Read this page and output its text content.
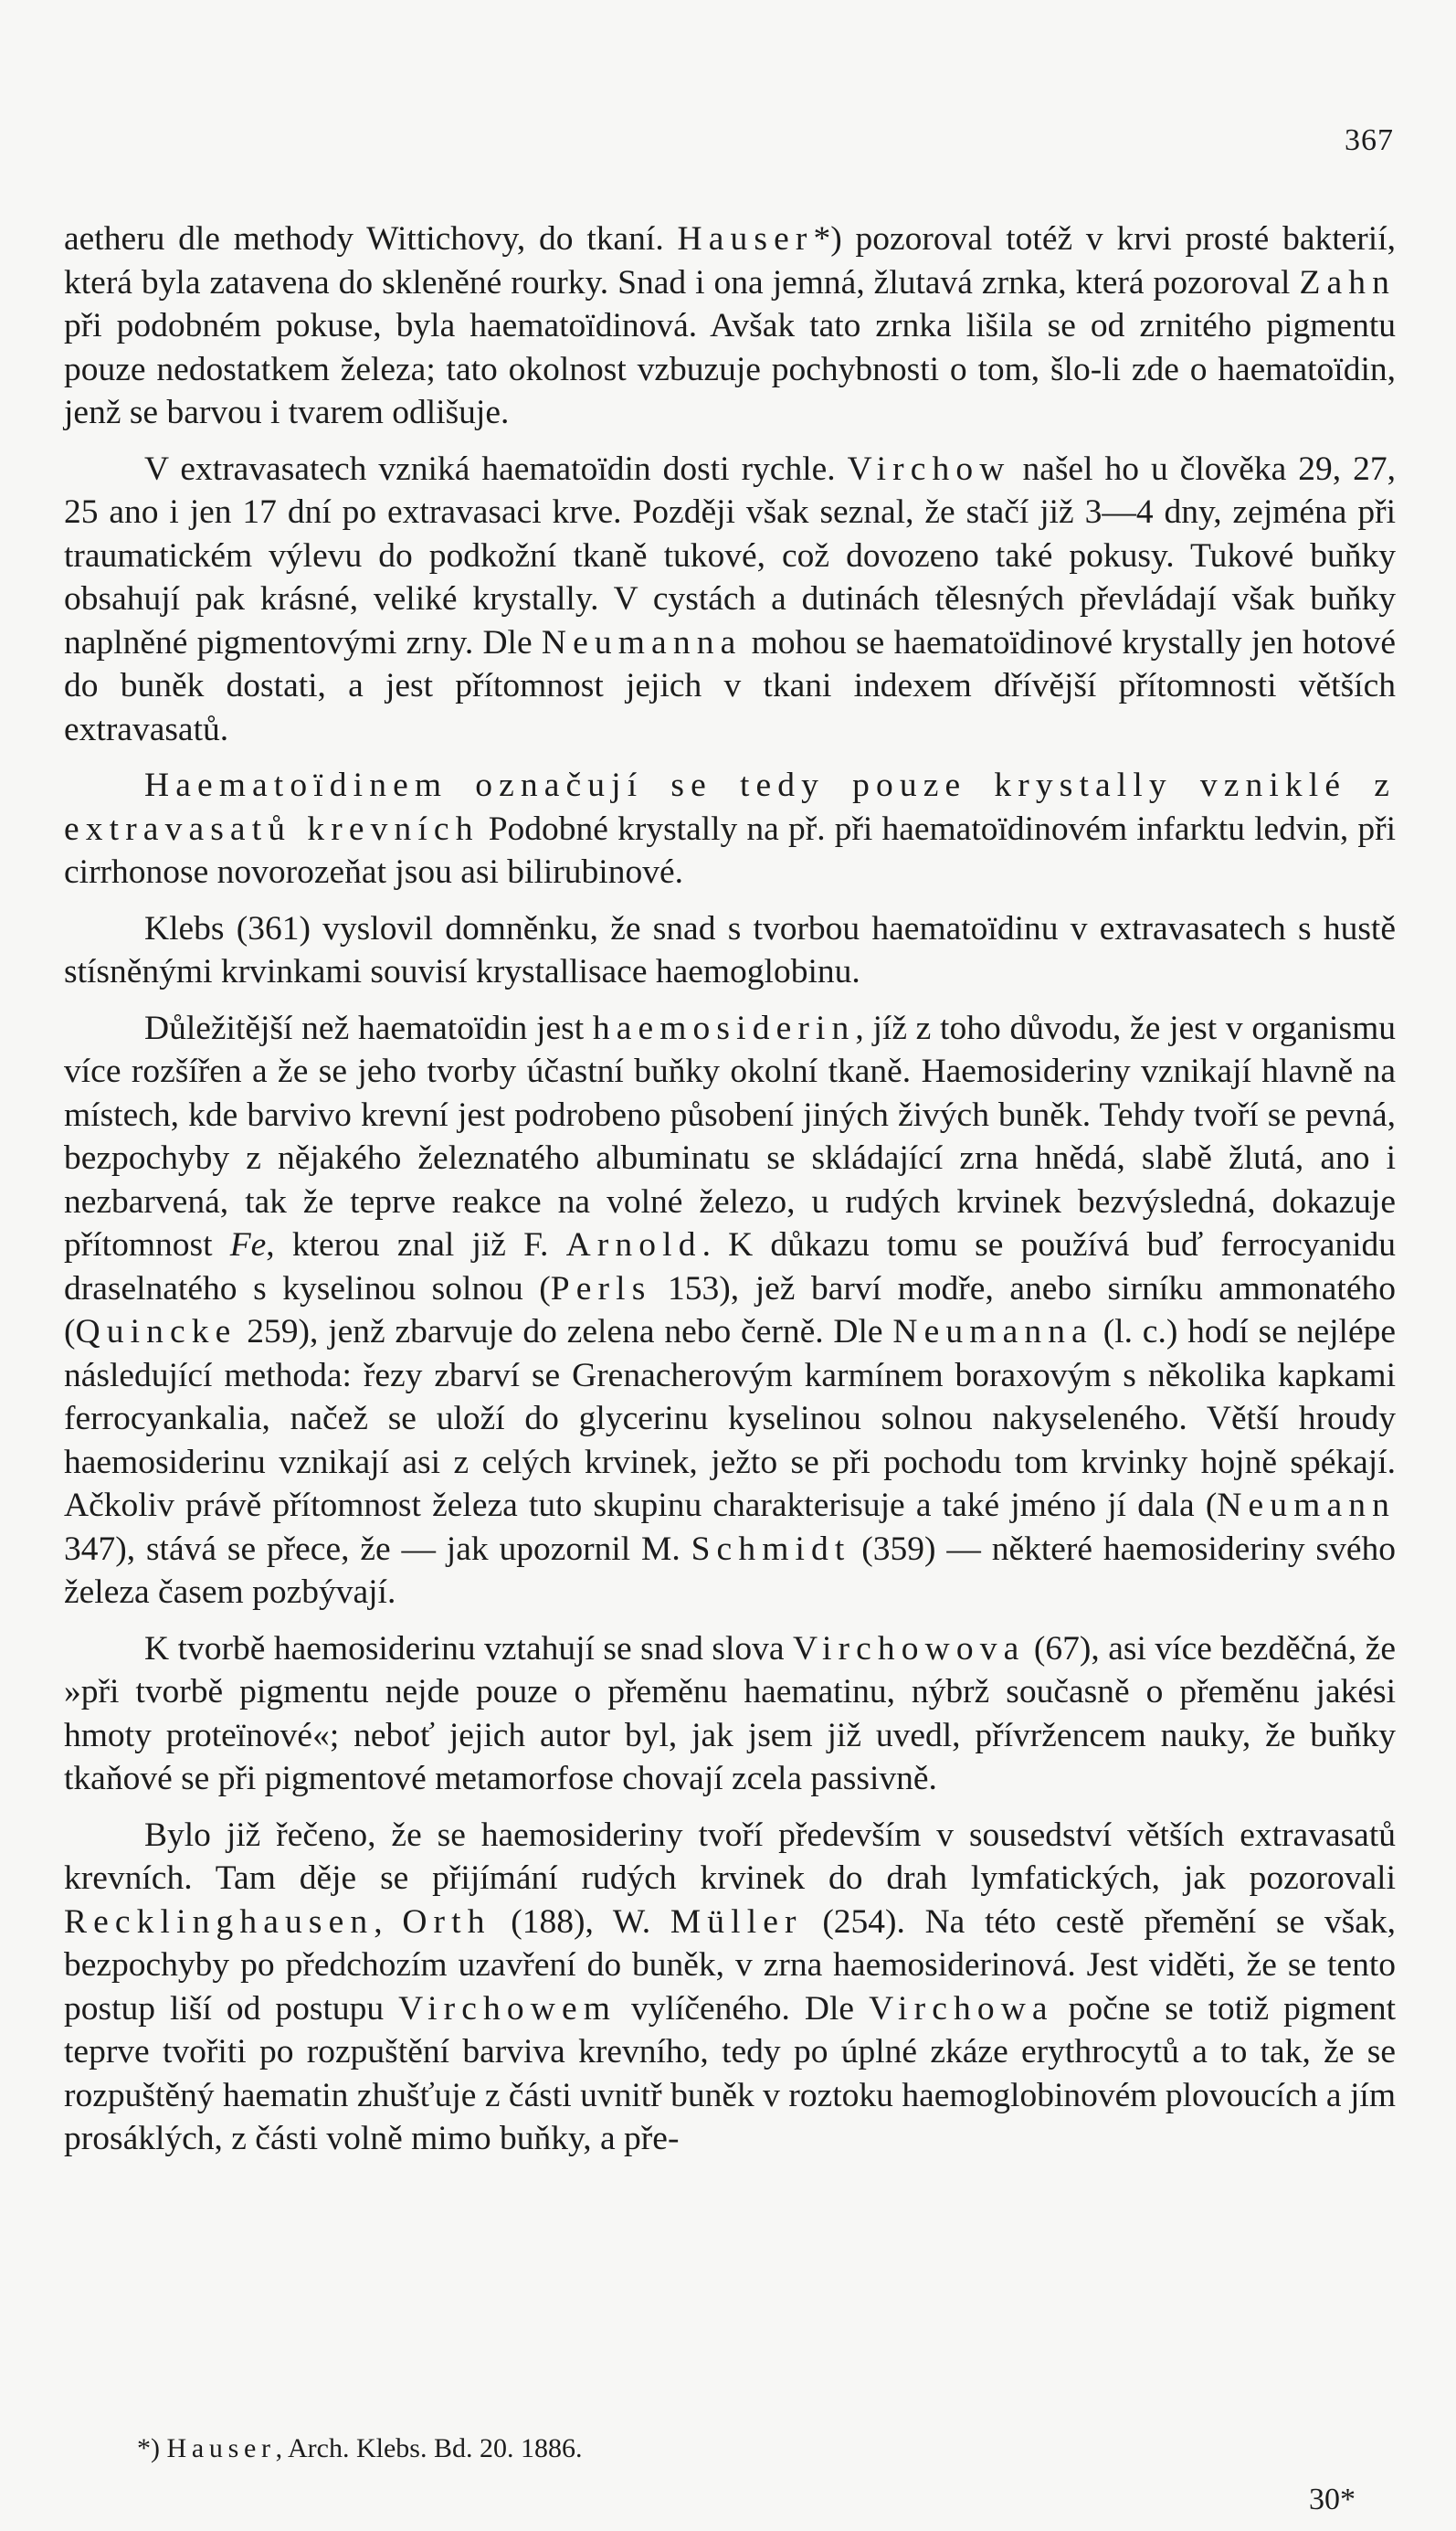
367

aetheru dle methody Wittichovy, do tkaní. Hauser*) pozoroval totéž v krvi prosté bakterií, která byla zatavena do skleněné rourky. Snad i ona jemná, žlutavá zrnka, která pozoroval Zahn při podobném pokuse, byla haematoïdinová. Avšak tato zrnka lišila se od zrnitého pigmentu pouze nedostatkem železa; tato okolnost vzbuzuje pochybnosti o tom, šlo-li zde o haematoïdin, jenž se barvou i tvarem odlišuje.

V extravasatech vzniká haematoïdin dosti rychle. Virchow našel ho u člověka 29, 27, 25 ano i jen 17 dní po extravasaci krve. Později však seznal, že stačí již 3—4 dny, zejména při traumatickém výlevu do podkožní tkaně tukové, což dovozeno také pokusy. Tukové buňky obsahují pak krásné, veliké krystally. V cystách a dutinách tělesných převládají však buňky naplněné pigmentovými zrny. Dle Neumanna mohou se haematoïdinové krystally jen hotové do buněk dostati, a jest přítomnost jejich v tkani indexem dřívější přítomnosti větších extravasatů.

Haematoïdinem označují se tedy pouze krystally vzniklé z extravasatů krevních Podobné krystally na př. při haematoïdinovém infarktu ledvin, při cirrhonose novorozeňat jsou asi bilirubinové.

Klebs (361) vyslovil domněnku, že snad s tvorbou haematoïdinu v extravasatech s hustě stísněnými krvinkami souvisí krystallisace haemoglobinu.

Důležitější než haematoïdin jest haemosiderin, jíž z toho důvodu, že jest v organismu více rozšířen a že se jeho tvorby účastní buňky okolní tkaně. Haemosideriny vznikají hlavně na místech, kde barvivo krevní jest podrobeno působení jiných živých buněk. Tehdy tvoří se pevná, bezpochyby z nějakého železnatého albuminatu se skládající zrna hnědá, slabě žlutá, ano i nezbarvená, tak že teprve reakce na volné železo, u rudých krvinek bezvýsledná, dokazuje přítomnost Fe, kterou znal již F. Arnold. K důkazu tomu se používá buď ferrocyanidu draselnatého s kyselinou solnou (Perls 153), jež barví modře, anebo sirníku ammonatého (Quincke 259), jenž zbarvuje do zelena nebo černě. Dle Neumanna (l. c.) hodí se nejlépe následující methoda: řezy zbarví se Grenacherovým karmínem boraxovým s několika kapkami ferrocyankalia, načež se uloží do glycerinu kyselinou solnou nakyseleného. Větší hroudy haemosiderinu vznikají asi z celých krvinek, ježto se při pochodu tom krvinky hojně spékají. Ačkoliv právě přítomnost železa tuto skupinu charakterisuje a také jméno jí dala (Neumann 347), stává se přece, že — jak upozornil M. Schmidt (359) — některé haemosideriny svého železa časem pozbývají.

K tvorbě haemosiderinu vztahují se snad slova Virchowova (67), asi více bezděčná, že »při tvorbě pigmentu nejde pouze o přeměnu haematinu, nýbrž současně o přeměnu jakési hmoty proteïnové«; neboť jejich autor byl, jak jsem již uvedl, přívržencem nauky, že buňky tkaňové se při pigmentové metamorfose chovají zcela passivně.

Bylo již řečeno, že se haemosideriny tvoří především v sousedství větších extravasatů krevních. Tam děje se přijímání rudých krvinek do drah lymfatických, jak pozorovali Recklinghausen, Orth (188), W. Müller (254). Na této cestě přemění se však, bezpochyby po předchozím uzavření do buněk, v zrna haemosiderinová. Jest viděti, že se tento postup liší od postupu Virchowem vylíčeného. Dle Virchowa počne se totiž pigment teprve tvořiti po rozpuštění barviva krevního, tedy po úplné zkáze erythrocytů a to tak, že se rozpuštěný haematin zhušťuje z části uvnitř buněk v roztoku haemoglobinovém plovoucích a jím prosáklých, z části volně mimo buňky, a pře-

*) Hauser, Arch. Klebs. Bd. 20. 1886.
30*
